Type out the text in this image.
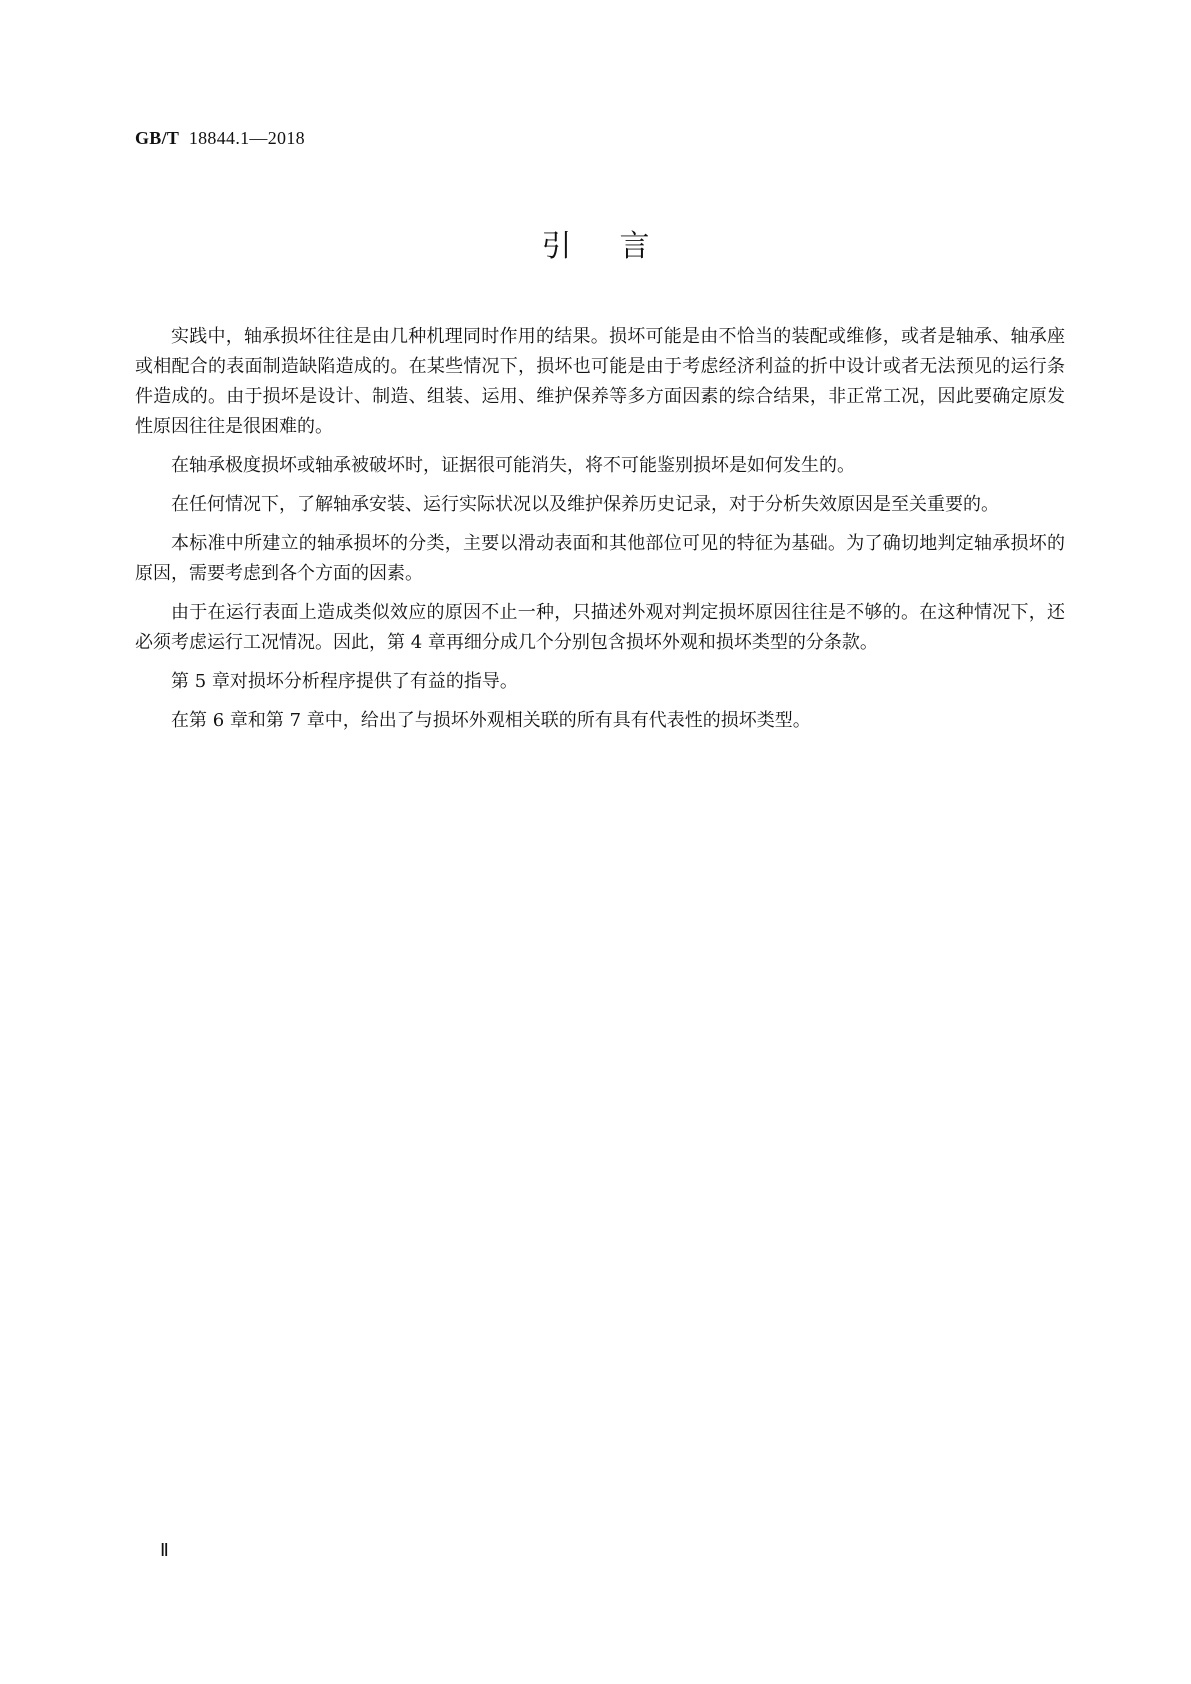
GB/T 18844.1—2018
引 言

实践中，轴承损坏往往是由几种机理同时作用的结果。损坏可能是由不恰当的装配或维修，或者是轴承、轴承座或相配合的表面制造缺陷造成的。在某些情况下，损坏也可能是由于考虑经济利益的折中设计或者无法预见的运行条件造成的。由于损坏是设计、制造、组装、运用、维护保养等多方面因素的综合结果，非正常工况，因此要确定原发性原因往往是很困难的。

在轴承极度损坏或轴承被破坏时，证据很可能消失，将不可能鉴别损坏是如何发生的。

在任何情况下，了解轴承安装、运行实际状况以及维护保养历史记录，对于分析失效原因是至关重要的。

本标准中所建立的轴承损坏的分类，主要以滑动表面和其他部位可见的特征为基础。为了确切地判定轴承损坏的原因，需要考虑到各个方面的因素。

由于在运行表面上造成类似效应的原因不止一种，只描述外观对判定损坏原因往往是不够的。在这种情况下，还必须考虑运行工况情况。因此，第 4 章再细分成几个分别包含损坏外观和损坏类型的分条款。

第 5 章对损坏分析程序提供了有益的指导。

在第 6 章和第 7 章中，给出了与损坏外观相关联的所有具有代表性的损坏类型。

Ⅱ
